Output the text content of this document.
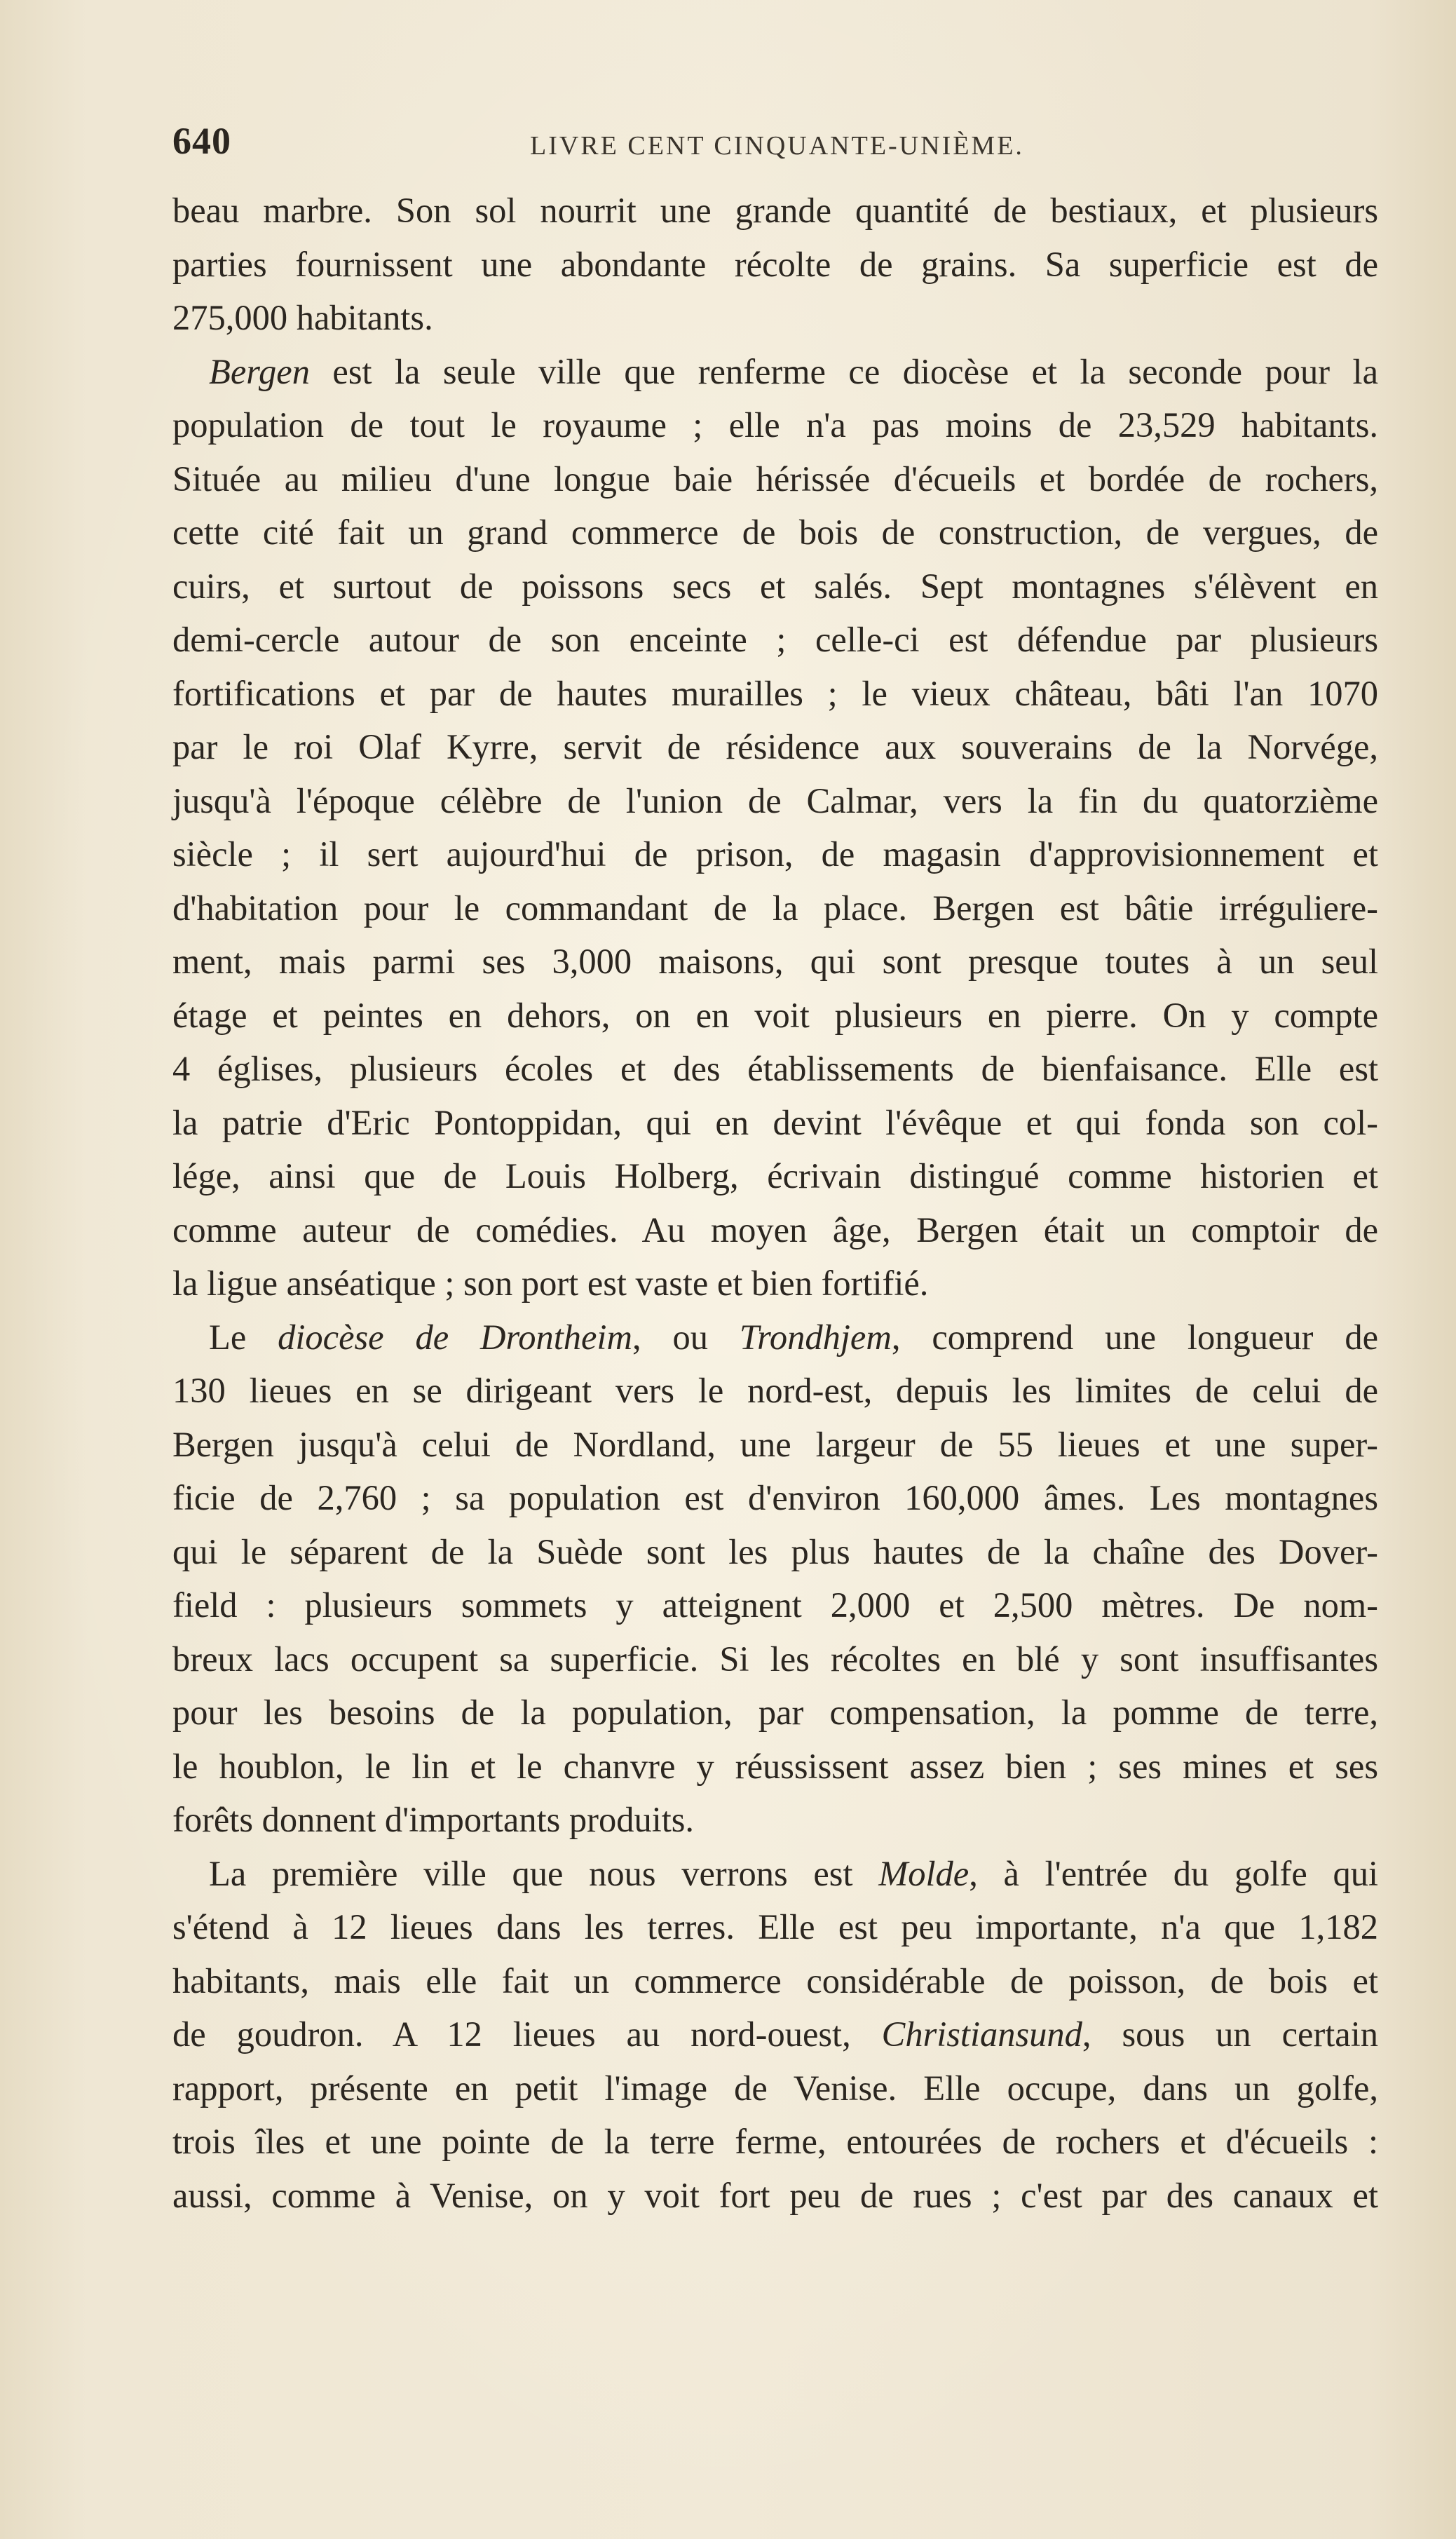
640	LIVRE CENT CINQUANTE-UNIÈME.
beau marbre. Son sol nourrit une grande quantité de bestiaux, et plusieurs
parties fournissent une abondante récolte de grains. Sa superficie est de
275,000 habitants.
Bergen est la seule ville que renferme ce diocèse et la seconde pour la
population de tout le royaume ; elle n'a pas moins de 23,529 habitants.
Située au milieu d'une longue baie hérissée d'écueils et bordée de rochers,
cette cité fait un grand commerce de bois de construction, de vergues, de
cuirs, et surtout de poissons secs et salés. Sept montagnes s'élèvent en
demi-cercle autour de son enceinte ; celle-ci est défendue par plusieurs
fortifications et par de hautes murailles ; le vieux château, bâti l'an 1070
par le roi Olaf Kyrre, servit de résidence aux souverains de la Norvége,
jusqu'à l'époque célèbre de l'union de Calmar, vers la fin du quatorzième
siècle ; il sert aujourd'hui de prison, de magasin d'approvisionnement et
d'habitation pour le commandant de la place. Bergen est bâtie irréguliere-
ment, mais parmi ses 3,000 maisons, qui sont presque toutes à un seul
étage et peintes en dehors, on en voit plusieurs en pierre. On y compte
4 églises, plusieurs écoles et des établissements de bienfaisance. Elle est
la patrie d'Eric Pontoppidan, qui en devint l'évêque et qui fonda son col-
lége, ainsi que de Louis Holberg, écrivain distingué comme historien et
comme auteur de comédies. Au moyen âge, Bergen était un comptoir de
la ligue anséatique ; son port est vaste et bien fortifié.
Le diocèse de Drontheim, ou Trondhjem, comprend une longueur de
130 lieues en se dirigeant vers le nord-est, depuis les limites de celui de
Bergen jusqu'à celui de Nordland, une largeur de 55 lieues et une super-
ficie de 2,760 ; sa population est d'environ 160,000 âmes. Les montagnes
qui le séparent de la Suède sont les plus hautes de la chaîne des Dover-
field : plusieurs sommets y atteignent 2,000 et 2,500 mètres. De nom-
breux lacs occupent sa superficie. Si les récoltes en blé y sont insuffisantes
pour les besoins de la population, par compensation, la pomme de terre,
le houblon, le lin et le chanvre y réussissent assez bien ; ses mines et ses
forêts donnent d'importants produits.
La première ville que nous verrons est Molde, à l'entrée du golfe qui
s'étend à 12 lieues dans les terres. Elle est peu importante, n'a que 1,182
habitants, mais elle fait un commerce considérable de poisson, de bois et
de goudron. A 12 lieues au nord-ouest, Christiansund, sous un certain
rapport, présente en petit l'image de Venise. Elle occupe, dans un golfe,
trois îles et une pointe de la terre ferme, entourées de rochers et d'écueils :
aussi, comme à Venise, on y voit fort peu de rues ; c'est par des canaux et
